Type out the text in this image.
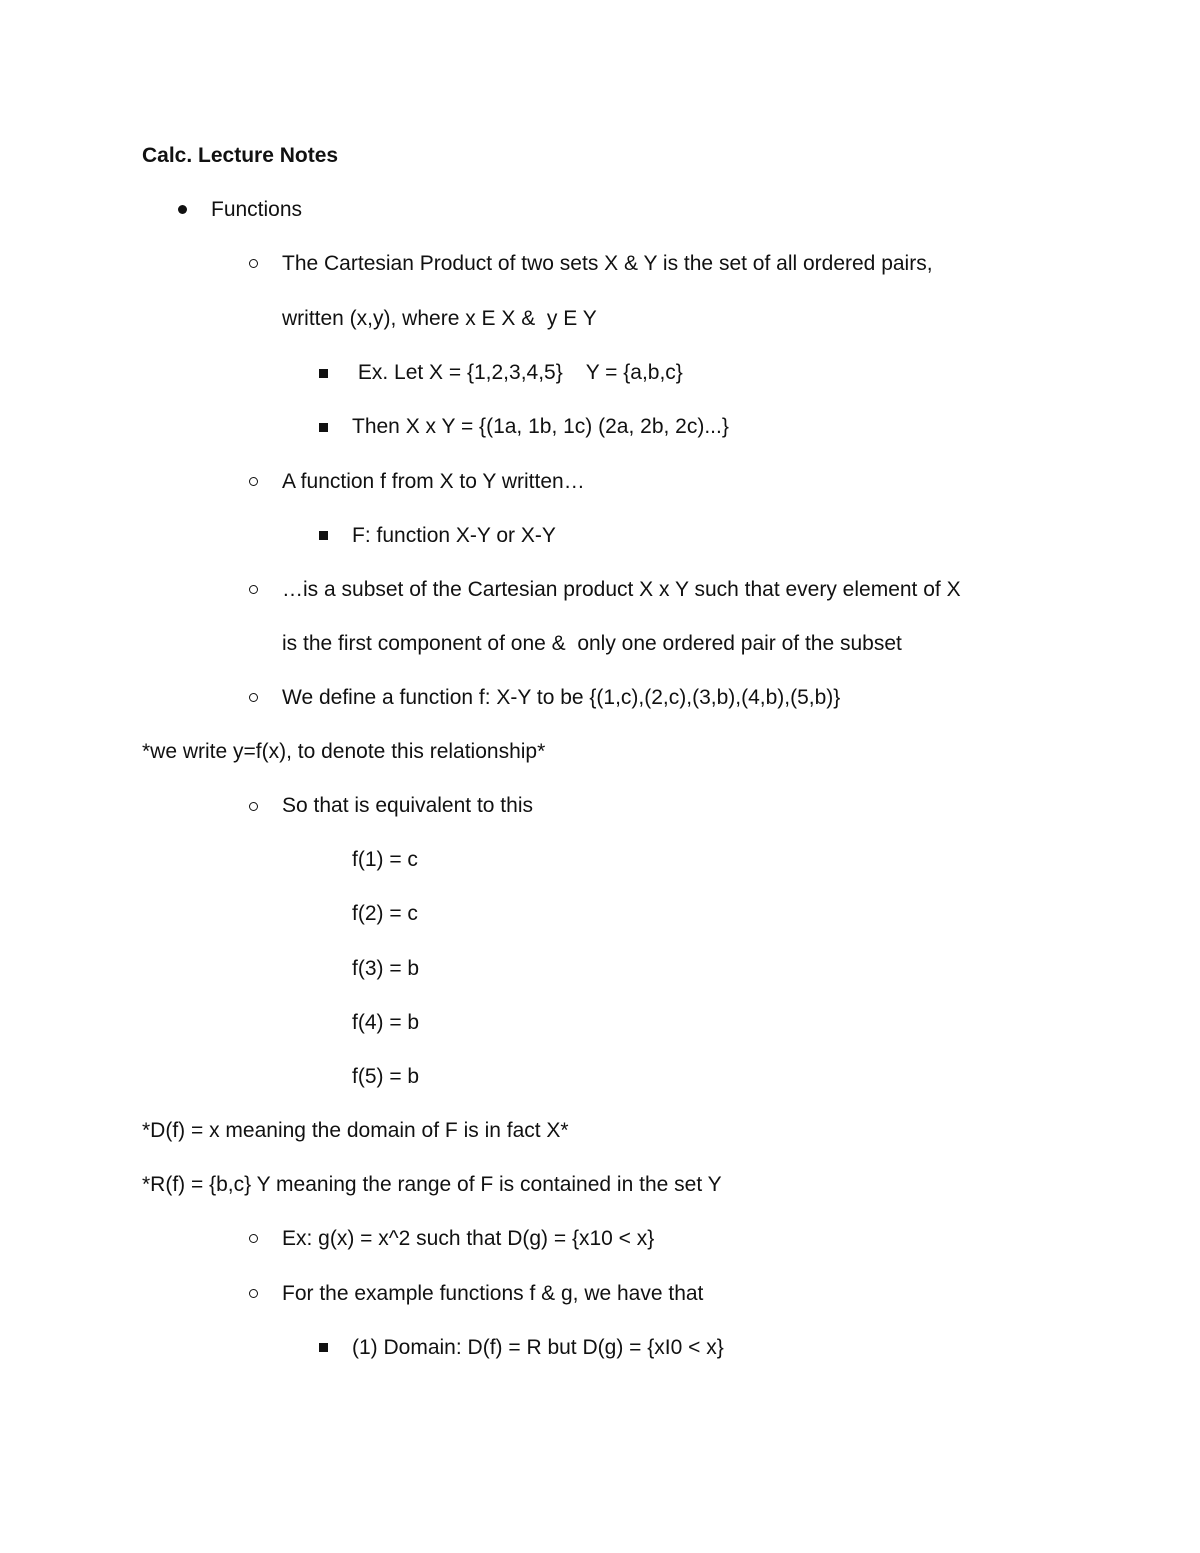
Calc. Lecture Notes
Functions
The Cartesian Product of two sets X & Y is the set of all ordered pairs,
written (x,y), where x E X &  y E Y
Ex. Let X = {1,2,3,4,5}    Y = {a,b,c}
Then X x Y = {(1a, 1b, 1c) (2a, 2b, 2c)...}
A function f from X to Y written…
F: function X-Y or X-Y
…is a subset of the Cartesian product X x Y such that every element of X
is the first component of one &  only one ordered pair of the subset
We define a function f: X-Y to be {(1,c),(2,c),(3,b),(4,b),(5,b)}
*we write y=f(x), to denote this relationship*
So that is equivalent to this
f(1) = c
f(2) = c
f(3) = b
f(4) = b
f(5) = b
*D(f) = x meaning the domain of F is in fact X*
*R(f) = {b,c} Y meaning the range of F is contained in the set Y
Ex: g(x) = x^2 such that D(g) = {x10 < x}
For the example functions f & g, we have that
(1) Domain: D(f) = R but D(g) = {xI0 < x}
